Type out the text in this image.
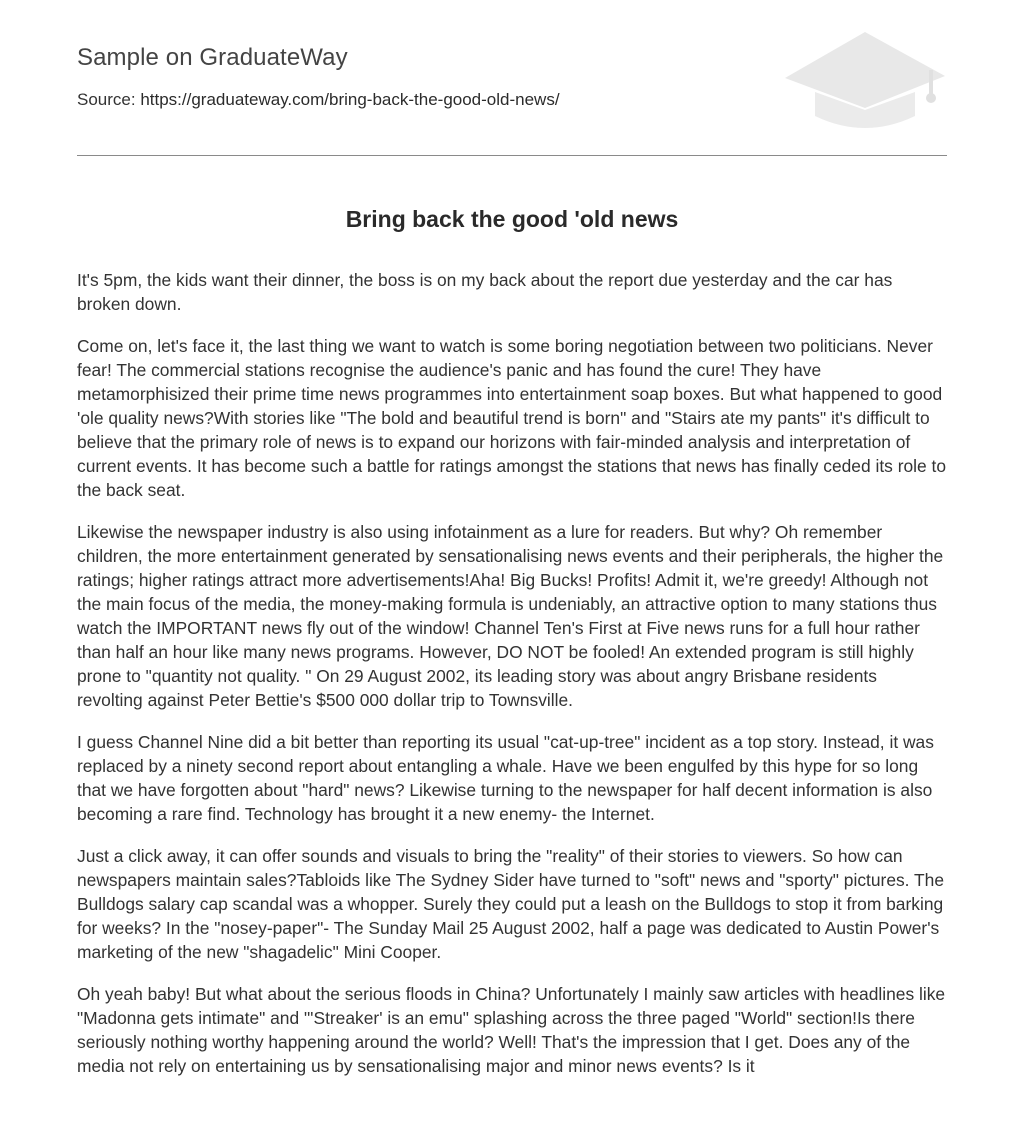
Sample on GraduateWay
Source: https://graduateway.com/bring-back-the-good-old-news/
Bring back the good 'old news

It's 5pm, the kids want their dinner, the boss is on my back about the report due yesterday and the car has broken down.

Come on, let's face it, the last thing we want to watch is some boring negotiation between two politicians. Never fear! The commercial stations recognise the audience's panic and has found the cure! They have metamorphisized their prime time news programmes into entertainment soap boxes. But what happened to good 'ole quality news?With stories like "The bold and beautiful trend is born" and "Stairs ate my pants" it's difficult to believe that the primary role of news is to expand our horizons with fair-minded analysis and interpretation of current events. It has become such a battle for ratings amongst the stations that news has finally ceded its role to the back seat.

Likewise the newspaper industry is also using infotainment as a lure for readers. But why? Oh remember children, the more entertainment generated by sensationalising news events and their peripherals, the higher the ratings; higher ratings attract more advertisements!Aha! Big Bucks! Profits! Admit it, we're greedy! Although not the main focus of the media, the money-making formula is undeniably, an attractive option to many stations thus watch the IMPORTANT news fly out of the window! Channel Ten's First at Five news runs for a full hour rather than half an hour like many news programs. However, DO NOT be fooled! An extended program is still highly prone to "quantity not quality. " On 29 August 2002, its leading story was about angry Brisbane residents revolting against Peter Bettie's $500 000 dollar trip to Townsville.

I guess Channel Nine did a bit better than reporting its usual "cat-up-tree" incident as a top story. Instead, it was replaced by a ninety second report about entangling a whale. Have we been engulfed by this hype for so long that we have forgotten about "hard" news? Likewise turning to the newspaper for half decent information is also becoming a rare find. Technology has brought it a new enemy- the Internet.

Just a click away, it can offer sounds and visuals to bring the "reality" of their stories to viewers. So how can newspapers maintain sales?Tabloids like The Sydney Sider have turned to "soft" news and "sporty" pictures. The Bulldogs salary cap scandal was a whopper. Surely they could put a leash on the Bulldogs to stop it from barking for weeks? In the "nosey-paper"- The Sunday Mail 25 August 2002, half a page was dedicated to Austin Power's marketing of the new "shagadelic" Mini Cooper.

Oh yeah baby! But what about the serious floods in China? Unfortunately I mainly saw articles with headlines like "Madonna gets intimate" and "'Streaker' is an emu" splashing across the three paged "World" section!Is there seriously nothing worthy happening around the world? Well! That's the impression that I get. Does any of the media not rely on entertaining us by sensationalising major and minor news events? Is it
